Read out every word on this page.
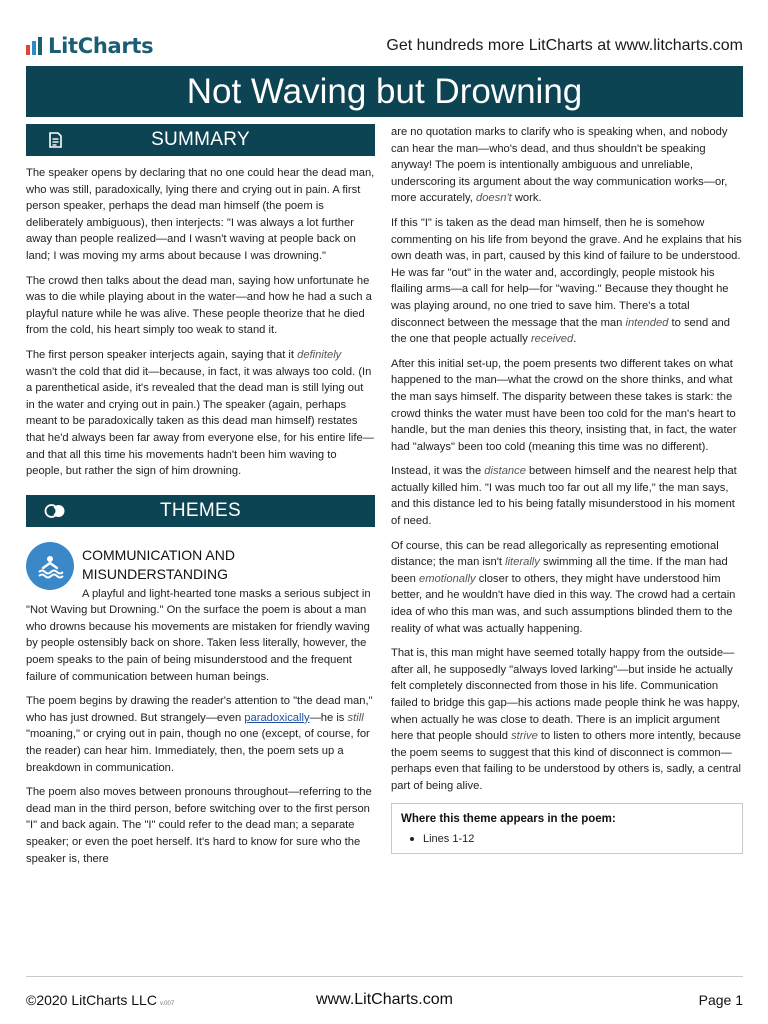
LitCharts	Get hundreds more LitCharts at www.litcharts.com
Not Waving but Drowning
SUMMARY

The speaker opens by declaring that no one could hear the dead man, who was still, paradoxically, lying there and crying out in pain. A first person speaker, perhaps the dead man himself (the poem is deliberately ambiguous), then interjects: "I was always a lot further away than people realized—and I wasn't waving at people back on land; I was moving my arms about because I was drowning."

The crowd then talks about the dead man, saying how unfortunate he was to die while playing about in the water—and how he had a such a playful nature while he was alive. These people theorize that he died from the cold, his heart simply too weak to stand it.

The first person speaker interjects again, saying that it definitely wasn't the cold that did it—because, in fact, it was always too cold. (In a parenthetical aside, it's revealed that the dead man is still lying out in the water and crying out in pain.) The speaker (again, perhaps meant to be paradoxically taken as this dead man himself) restates that he'd always been far away from everyone else, for his entire life—and that all this time his movements hadn't been him waving to people, but rather the sign of him drowning.

THEMES
COMMUNICATION AND MISUNDERSTANDING

A playful and light-hearted tone masks a serious subject in "Not Waving but Drowning." On the surface the poem is about a man who drowns because his movements are mistaken for friendly waving by people ostensibly back on shore. Taken less literally, however, the poem speaks to the pain of being misunderstood and the frequent failure of communication between human beings.

The poem begins by drawing the reader's attention to "the dead man," who has just drowned. But strangely—even paradoxically—he is still "moaning," or crying out in pain, though no one (except, of course, for the reader) can hear him. Immediately, then, the poem sets up a breakdown in communication.

The poem also moves between pronouns throughout—referring to the dead man in the third person, before switching over to the first person "I" and back again. The "I" could refer to the dead man; a separate speaker; or even the poet herself. It's hard to know for sure who the speaker is, there

are no quotation marks to clarify who is speaking when, and nobody can hear the man—who's dead, and thus shouldn't be speaking anyway! The poem is intentionally ambiguous and unreliable, underscoring its argument about the way communication works—or, more accurately, doesn't work.

If this "I" is taken as the dead man himself, then he is somehow commenting on his life from beyond the grave. And he explains that his own death was, in part, caused by this kind of failure to be understood. He was far "out" in the water and, accordingly, people mistook his flailing arms—a call for help—for "waving." Because they thought he was playing around, no one tried to save him. There's a total disconnect between the message that the man intended to send and the one that people actually received.

After this initial set-up, the poem presents two different takes on what happened to the man—what the crowd on the shore thinks, and what the man says himself. The disparity between these takes is stark: the crowd thinks the water must have been too cold for the man's heart to handle, but the man denies this theory, insisting that, in fact, the water had "always" been too cold (meaning this time was no different).

Instead, it was the distance between himself and the nearest help that actually killed him. "I was much too far out all my life," the man says, and this distance led to his being fatally misunderstood in his moment of need.

Of course, this can be read allegorically as representing emotional distance; the man isn't literally swimming all the time. If the man had been emotionally closer to others, they might have understood him better, and he wouldn't have died in this way. The crowd had a certain idea of who this man was, and such assumptions blinded them to the reality of what was actually happening.

That is, this man might have seemed totally happy from the outside—after all, he supposedly "always loved larking"—but inside he actually felt completely disconnected from those in his life. Communication failed to bridge this gap—his actions made people think he was happy, when actually he was close to death. There is an implicit argument here that people should strive to listen to others more intently, because the poem seems to suggest that this kind of disconnect is common—perhaps even that failing to be understood by others is, sadly, a central part of being alive.

Where this theme appears in the poem:
Lines 1-12
©2020 LitCharts LLC v.007	www.LitCharts.com	Page 1
